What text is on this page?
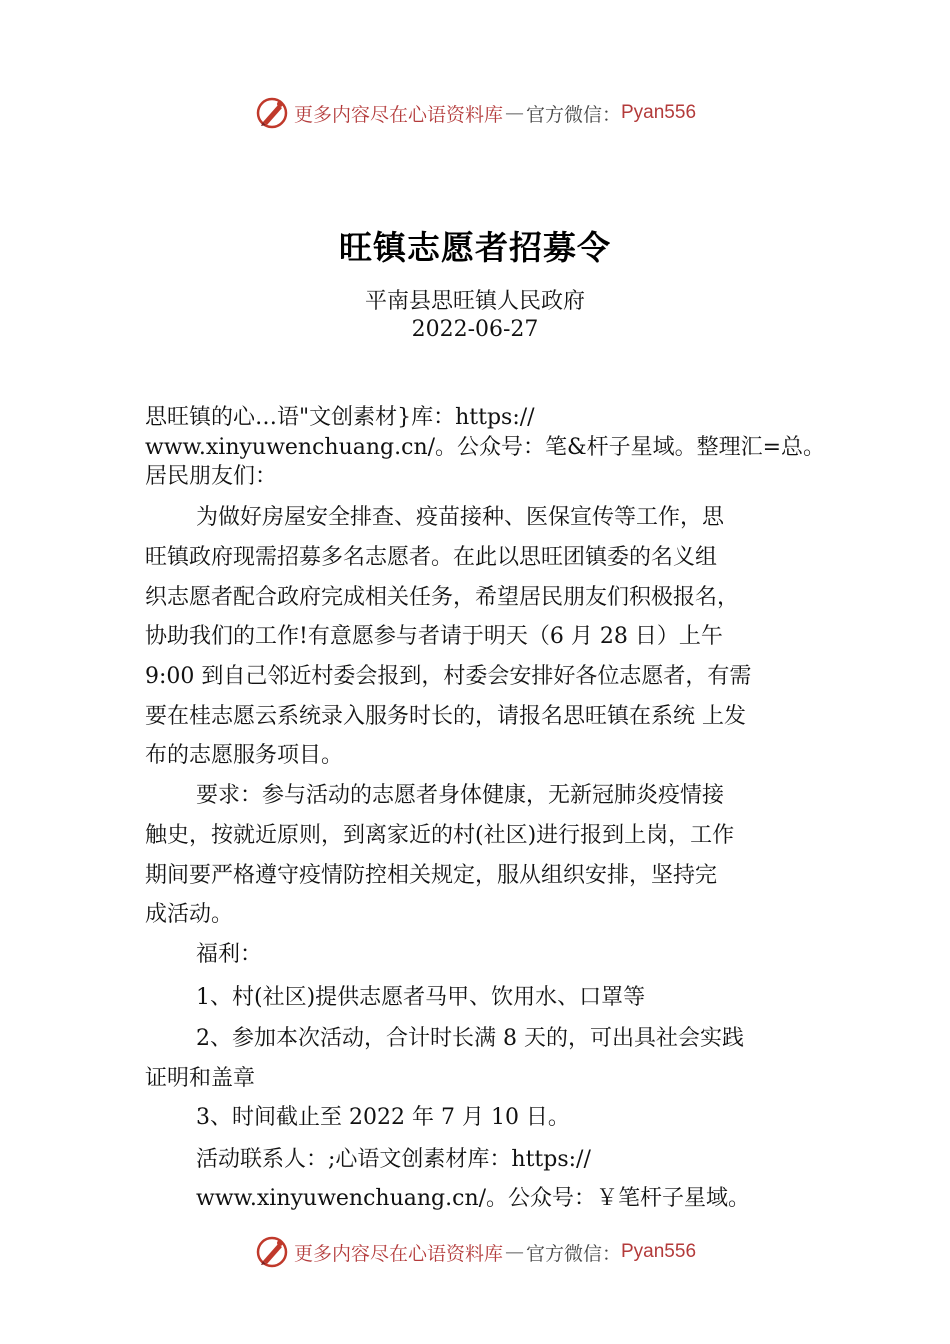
更多内容尽在心语资料库 — 官方微信： Pyan556
旺镇志愿者招募令
平南县思旺镇人民政府
2022-06-27
思旺镇的心…语"文创素材}库：https://
www.xinyuwenchuang.cn/。公众号：笔&杆子星域。整理汇=总。
居民朋友们：
为做好房屋安全排查、疫苗接种、医保宣传等工作，思
旺镇政府现需招募多名志愿者。在此以思旺团镇委的名义组
织志愿者配合政府完成相关任务，希望居民朋友们积极报名，
协助我们的工作!有意愿参与者请于明天（6 月 28 日）上午
9:00 到自己邻近村委会报到，村委会安排好各位志愿者，有需
要在桂志愿云系统录入服务时长的，请报名思旺镇在系统 上发
布的志愿服务项目。
要求：参与活动的志愿者身体健康，无新冠肺炎疫情接
触史，按就近原则，到离家近的村(社区)进行报到上岗，工作
期间要严格遵守疫情防控相关规定，服从组织安排，坚持完
成活动。
福利：
1、村(社区)提供志愿者马甲、饮用水、口罩等
2、参加本次活动，合计时长满 8 天的，可出具社会实践
证明和盖章
3、时间截止至 2022 年 7 月 10 日。
活动联系人：;心语文创素材库：https://
www.xinyuwenchuang.cn/。公众号：￥笔杆子星域。
更多内容尽在心语资料库 — 官方微信： Pyan556
